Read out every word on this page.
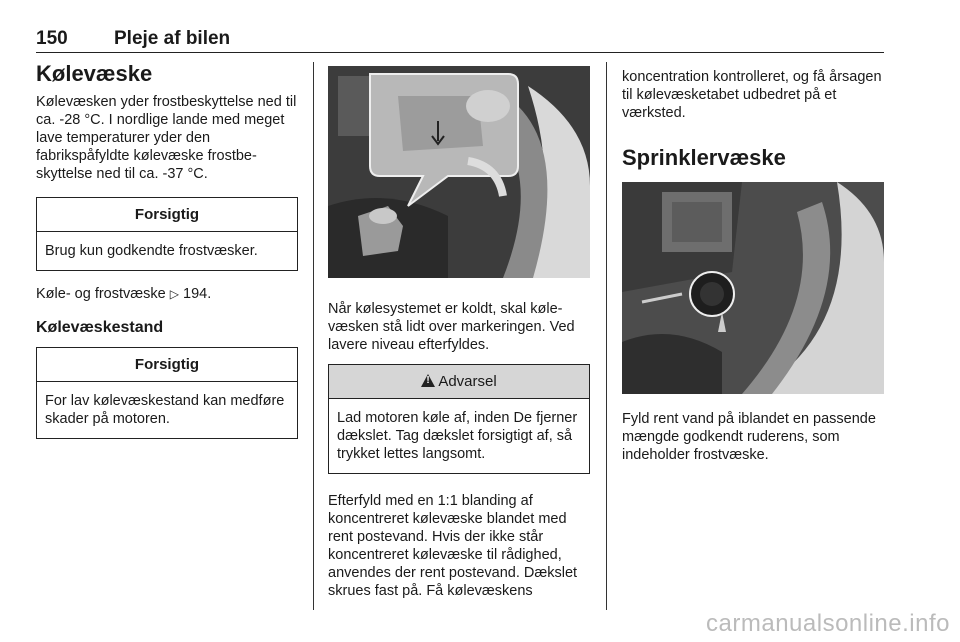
150 Pleje af bilen
Kølevæske

Kølevæsken yder frostbeskyttelse ned til ca. -28 °C. I nordlige lande med meget lave temperaturer yder den fabrikspåfyldte kølevæske frostbeskyttelse ned til ca. -37 °C.

Forsigtig
Brug kun godkendte frostvæsker.

Køle- og frostvæske ▷ 194.

Kølevæskestand
Forsigtig
For lav kølevæskestand kan medføre skader på motoren.

Når kølesystemet er koldt, skal kølevæsken stå lidt over markeringen. Ved lavere niveau efterfyldes.

!Advarsel
Lad motoren køle af, inden De fjerner dækslet. Tag dækslet forsigtigt af, så trykket lettes langsomt.

Efterfyld med en 1:1 blanding af koncentreret kølevæske blandet med rent postevand. Hvis der ikke står koncentreret kølevæske til rådighed, anvendes der rent postevand. Dækslet skrues fast på. Få kølevæskens

koncentration kontrolleret, og få årsagen til kølevæsketabet udbedret på et værksted.

Sprinklervæske

Fyld rent vand på iblandet en passende mængde godkendt ruderens, som indeholder frostvæske.

carmanualsonline.info
